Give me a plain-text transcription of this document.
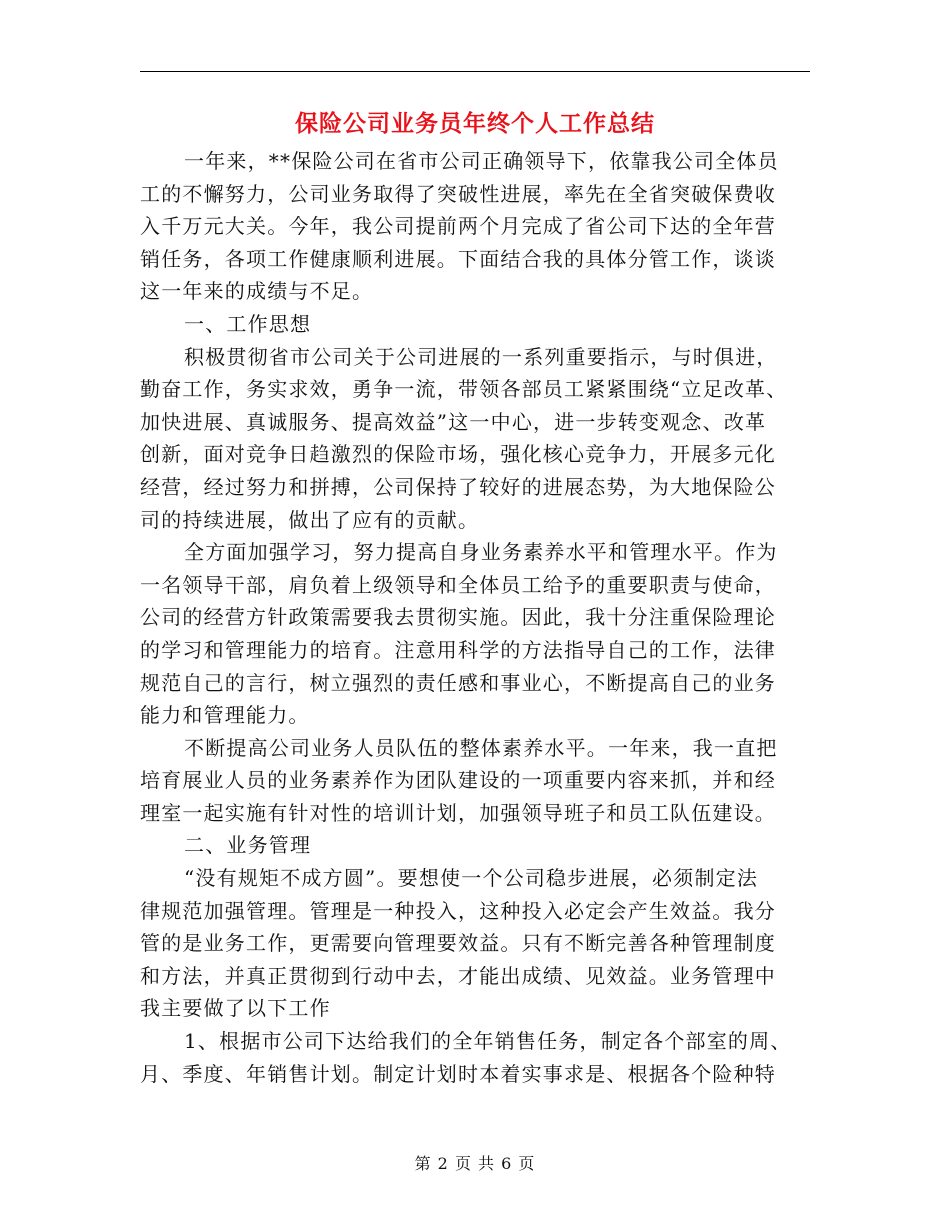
保险公司业务员年终个人工作总结
一年来，**保险公司在省市公司正确领导下，依靠我公司全体员
工的不懈努力，公司业务取得了突破性进展，率先在全省突破保费收
入千万元大关。今年，我公司提前两个月完成了省公司下达的全年营
销任务，各项工作健康顺利进展。下面结合我的具体分管工作，谈谈
这一年来的成绩与不足。
一、工作思想
积极贯彻省市公司关于公司进展的一系列重要指示，与时俱进，
勤奋工作，务实求效，勇争一流，带领各部员工紧紧围绕“立足改革、
加快进展、真诚服务、提高效益”这一中心，进一步转变观念、改革
创新，面对竞争日趋激烈的保险市场，强化核心竞争力，开展多元化
经营，经过努力和拼搏，公司保持了较好的进展态势，为大地保险公
司的持续进展，做出了应有的贡献。
全方面加强学习，努力提高自身业务素养水平和管理水平。作为
一名领导干部，肩负着上级领导和全体员工给予的重要职责与使命，
公司的经营方针政策需要我去贯彻实施。因此，我十分注重保险理论
的学习和管理能力的培育。注意用科学的方法指导自己的工作，法律
规范自己的言行，树立强烈的责任感和事业心，不断提高自己的业务
能力和管理能力。
不断提高公司业务人员队伍的整体素养水平。一年来，我一直把
培育展业人员的业务素养作为团队建设的一项重要内容来抓，并和经
理室一起实施有针对性的培训计划，加强领导班子和员工队伍建设。
二、业务管理
“没有规矩不成方圆”。要想使一个公司稳步进展，必须制定法
律规范加强管理。管理是一种投入，这种投入必定会产生效益。我分
管的是业务工作，更需要向管理要效益。只有不断完善各种管理制度
和方法，并真正贯彻到行动中去，才能出成绩、见效益。业务管理中
我主要做了以下工作
1、根据市公司下达给我们的全年销售任务，制定各个部室的周、
月、季度、年销售计划。制定计划时本着实事求是、根据各个险种特
第 2 页 共 6 页
